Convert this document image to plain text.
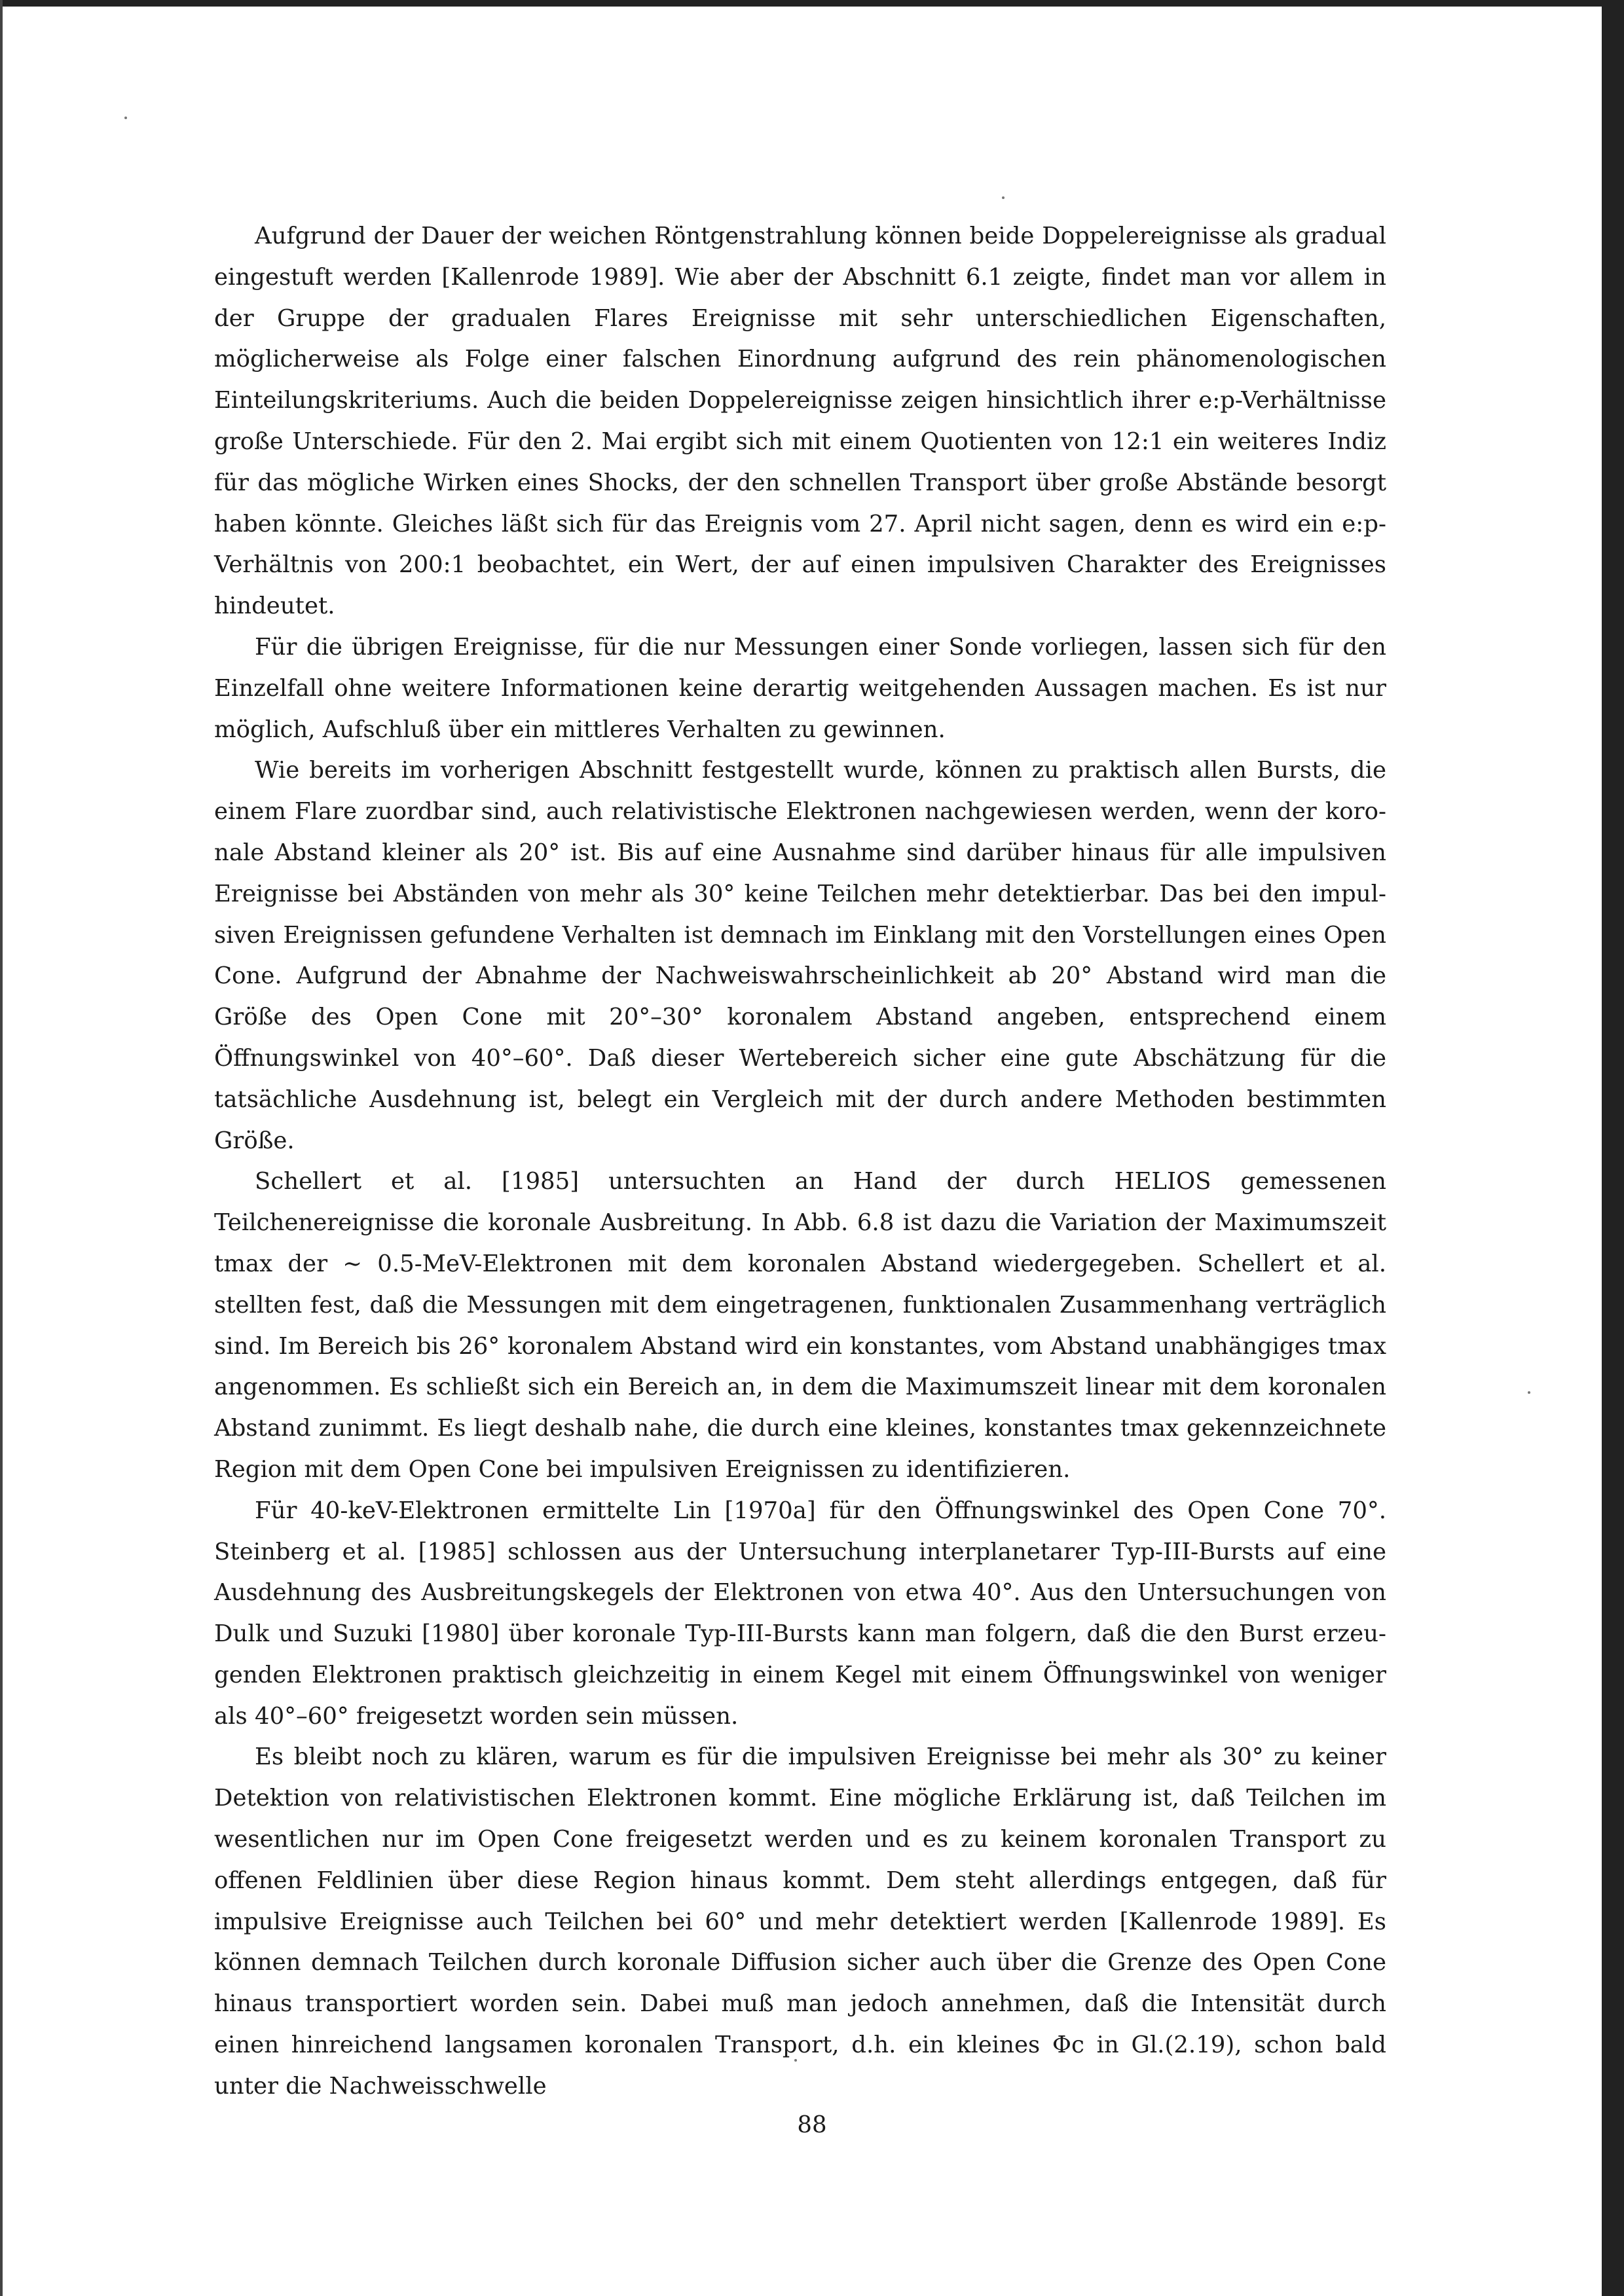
Aufgrund der Dauer der weichen Röntgenstrahlung können beide Doppelereignisse als gradual eingestuft werden [Kallenrode 1989]. Wie aber der Abschnitt 6.1 zeigte, findet man vor allem in der Gruppe der gradualen Flares Ereignisse mit sehr unterschiedlichen Eigenschaften, möglicherweise als Folge einer falschen Einordnung aufgrund des rein phänomenologischen Einteilungskriteriums. Auch die beiden Doppelereignisse zeigen hinsichtlich ihrer e:p-Verhältnisse große Unterschiede. Für den 2. Mai ergibt sich mit einem Quotienten von 12:1 ein weiteres Indiz für das mögliche Wirken eines Shocks, der den schnellen Transport über große Abstände besorgt haben könnte. Gleiches läßt sich für das Ereignis vom 27. April nicht sagen, denn es wird ein e:p-Verhältnis von 200:1 beobachtet, ein Wert, der auf einen impulsiven Charakter des Ereignisses hindeutet.

Für die übrigen Ereignisse, für die nur Messungen einer Sonde vorliegen, lassen sich für den Einzelfall ohne weitere Informationen keine derartig weitgehenden Aussagen machen. Es ist nur möglich, Aufschluß über ein mittleres Verhalten zu gewinnen.

Wie bereits im vorherigen Abschnitt festgestellt wurde, können zu praktisch allen Bursts, die einem Flare zuordbar sind, auch relativistische Elektronen nachgewiesen werden, wenn der koronale Abstand kleiner als 20° ist. Bis auf eine Ausnahme sind darüber hinaus für alle impulsiven Ereignisse bei Abständen von mehr als 30° keine Teilchen mehr detektierbar. Das bei den impulsiven Ereignissen gefundene Verhalten ist demnach im Einklang mit den Vorstellungen eines Open Cone. Aufgrund der Abnahme der Nachweiswahrscheinlichkeit ab 20° Abstand wird man die Größe des Open Cone mit 20°–30° koronalem Abstand angeben, entsprechend einem Öffnungswinkel von 40°–60°. Daß dieser Wertebereich sicher eine gute Abschätzung für die tatsächliche Ausdehnung ist, belegt ein Vergleich mit der durch andere Methoden bestimmten Größe.

Schellert et al. [1985] untersuchten an Hand der durch HELIOS gemessenen Teilchenereignisse die koronale Ausbreitung. In Abb. 6.8 ist dazu die Variation der Maximumszeit tmax der ∼ 0.5-MeV-Elektronen mit dem koronalen Abstand wiedergegeben. Schellert et al. stellten fest, daß die Messungen mit dem eingetragenen, funktionalen Zusammenhang verträglich sind. Im Bereich bis 26° koronalem Abstand wird ein konstantes, vom Abstand unabhängiges tmax angenommen. Es schließt sich ein Bereich an, in dem die Maximumszeit linear mit dem koronalen Abstand zunimmt. Es liegt deshalb nahe, die durch eine kleines, konstantes tmax gekennzeichnete Region mit dem Open Cone bei impulsiven Ereignissen zu identifizieren.

Für 40-keV-Elektronen ermittelte Lin [1970a] für den Öffnungswinkel des Open Cone 70°. Steinberg et al. [1985] schlossen aus der Untersuchung interplanetarer Typ-III-Bursts auf eine Ausdehnung des Ausbreitungskegels der Elektronen von etwa 40°. Aus den Untersuchungen von Dulk und Suzuki [1980] über koronale Typ-III-Bursts kann man folgern, daß die den Burst erzeugenden Elektronen praktisch gleichzeitig in einem Kegel mit einem Öffnungswinkel von weniger als 40°–60° freigesetzt worden sein müssen.

Es bleibt noch zu klären, warum es für die impulsiven Ereignisse bei mehr als 30° zu keiner Detektion von relativistischen Elektronen kommt. Eine mögliche Erklärung ist, daß Teilchen im wesentlichen nur im Open Cone freigesetzt werden und es zu keinem koronalen Transport zu offenen Feldlinien über diese Region hinaus kommt. Dem steht allerdings entgegen, daß für impulsive Ereignisse auch Teilchen bei 60° und mehr detektiert werden [Kallenrode 1989]. Es können demnach Teilchen durch koronale Diffusion sicher auch über die Grenze des Open Cone hinaus transportiert worden sein. Dabei muß man jedoch annehmen, daß die Intensität durch einen hinreichend langsamen koronalen Transport, d.h. ein kleines Φc in Gl.(2.19), schon bald unter die Nachweisschwelle

88
